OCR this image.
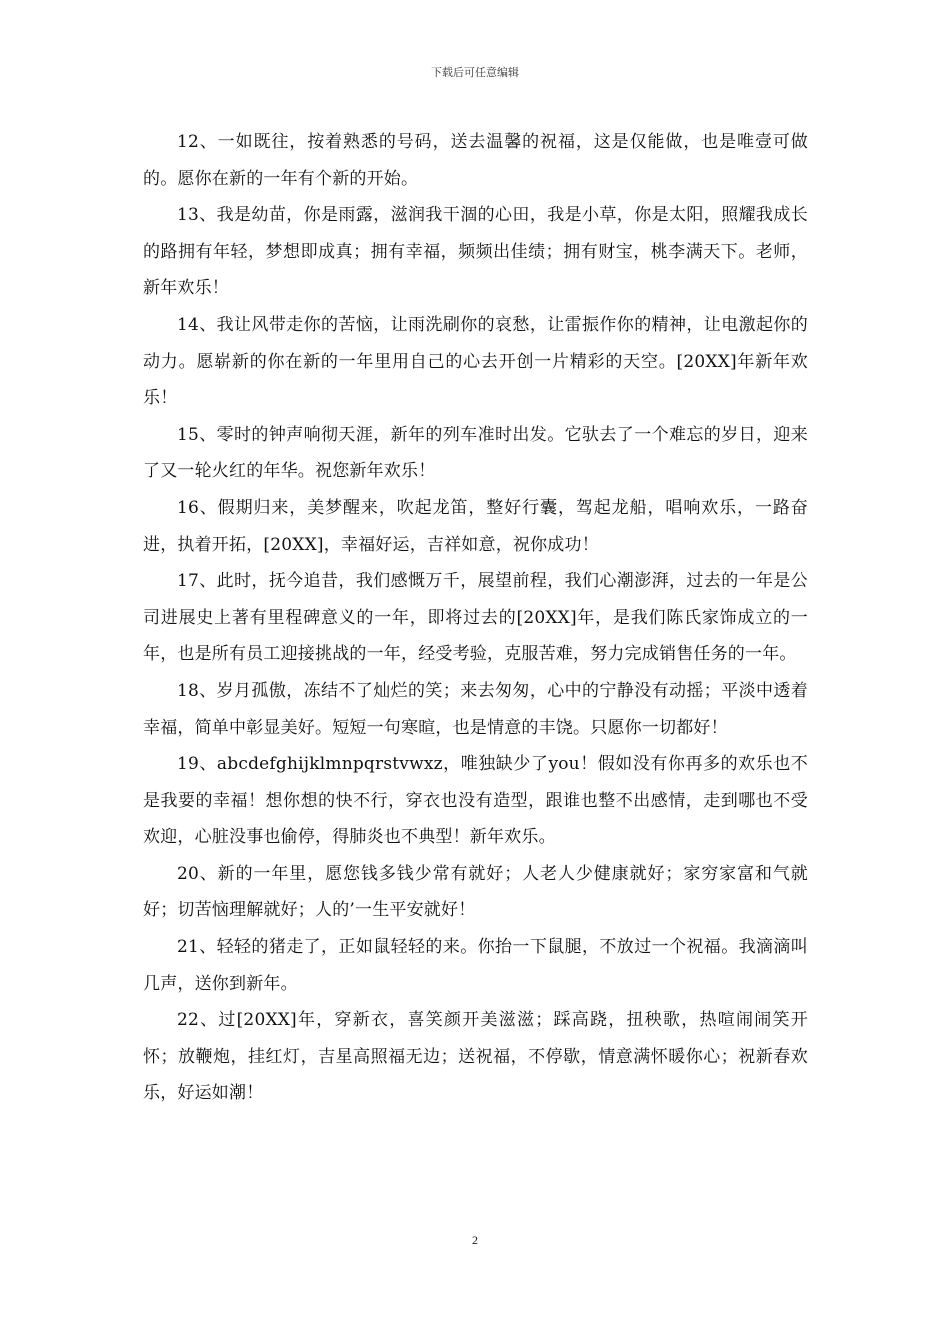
下载后可任意编辑

12、一如既往，按着熟悉的号码，送去温馨的祝福，这是仅能做，也是唯壹可做的。愿你在新的一年有个新的开始。

13、我是幼苗，你是雨露，滋润我干涸的心田，我是小草，你是太阳，照耀我成长的路拥有年轻，梦想即成真；拥有幸福，频频出佳绩；拥有财宝，桃李满天下。老师，新年欢乐！

14、我让风带走你的苦恼，让雨洗刷你的哀愁，让雷振作你的精神，让电激起你的动力。愿崭新的你在新的一年里用自己的心去开创一片精彩的天空。[20XX]年新年欢乐！

15、零时的钟声响彻天涯，新年的列车准时出发。它驮去了一个难忘的岁日，迎来了又一轮火红的年华。祝您新年欢乐！

16、假期归来，美梦醒来，吹起龙笛，整好行囊，驾起龙船，唱响欢乐，一路奋进，执着开拓，[20XX]，幸福好运，吉祥如意，祝你成功！

17、此时，抚今追昔，我们感慨万千，展望前程，我们心潮澎湃，过去的一年是公司进展史上著有里程碑意义的一年，即将过去的[20XX]年，是我们陈氏家饰成立的一年，也是所有员工迎接挑战的一年，经受考验，克服苦难，努力完成销售任务的一年。

18、岁月孤傲，冻结不了灿烂的笑；来去匆匆，心中的宁静没有动摇；平淡中透着幸福，简单中彰显美好。短短一句寒暄，也是情意的丰饶。只愿你一切都好！

19、abcdefghijklmnpqrstvwxz，唯独缺少了you！假如没有你再多的欢乐也不是我要的幸福！想你想的快不行，穿衣也没有造型，跟谁也整不出感情，走到哪也不受欢迎，心脏没事也偷停，得肺炎也不典型！新年欢乐。

20、新的一年里，愿您钱多钱少常有就好；人老人少健康就好；家穷家富和气就好；切苦恼理解就好；人的’一生平安就好！

21、轻轻的猪走了，正如鼠轻轻的来。你抬一下鼠腿，不放过一个祝福。我滴滴叫几声，送你到新年。

22、过[20XX]年，穿新衣，喜笑颜开美滋滋；踩高跷，扭秧歌，热喧闹闹笑开怀；放鞭炮，挂红灯，吉星高照福无边；送祝福，不停歇，情意满怀暖你心；祝新春欢乐，好运如潮！

2
